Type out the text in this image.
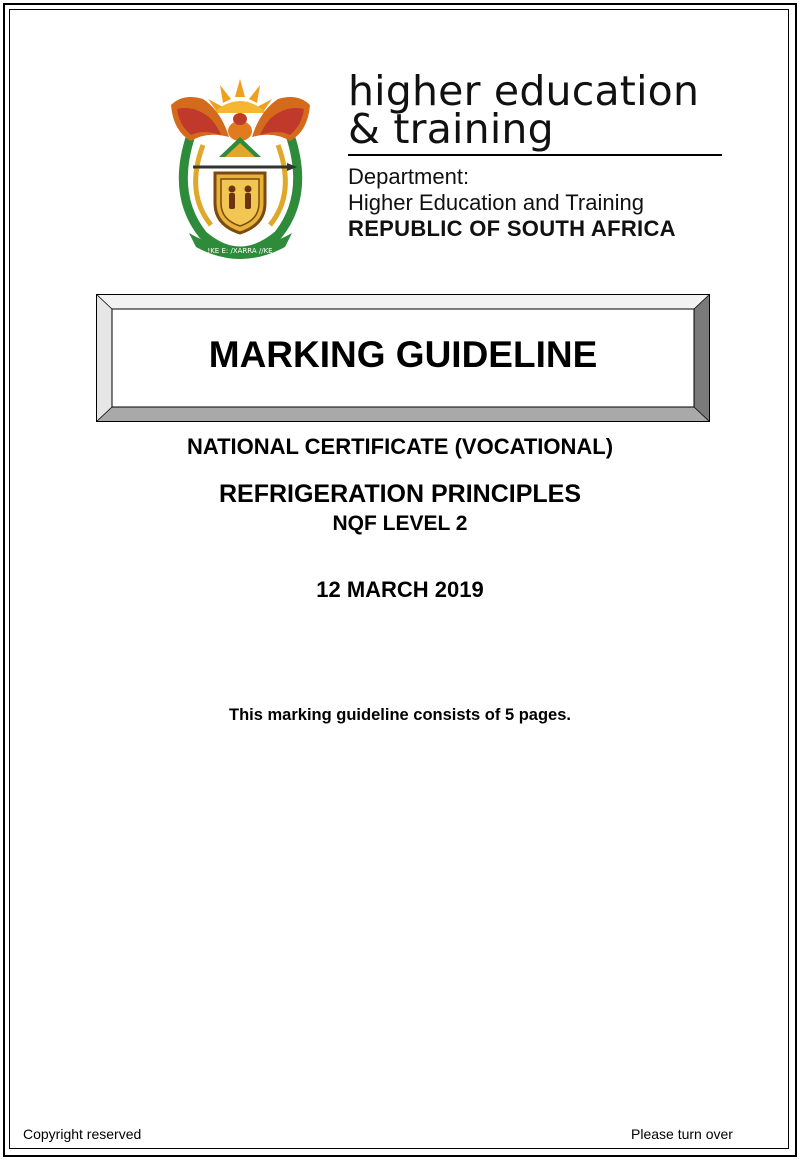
!KE E: /XARRA //KE
higher education
& training
Department:
Higher Education and Training
REPUBLIC OF SOUTH AFRICA
MARKING GUIDELINE
NATIONAL CERTIFICATE (VOCATIONAL)
REFRIGERATION PRINCIPLES
NQF LEVEL 2
12 MARCH 2019
This marking guideline consists of 5 pages.
Copyright reserved	Please turn over
